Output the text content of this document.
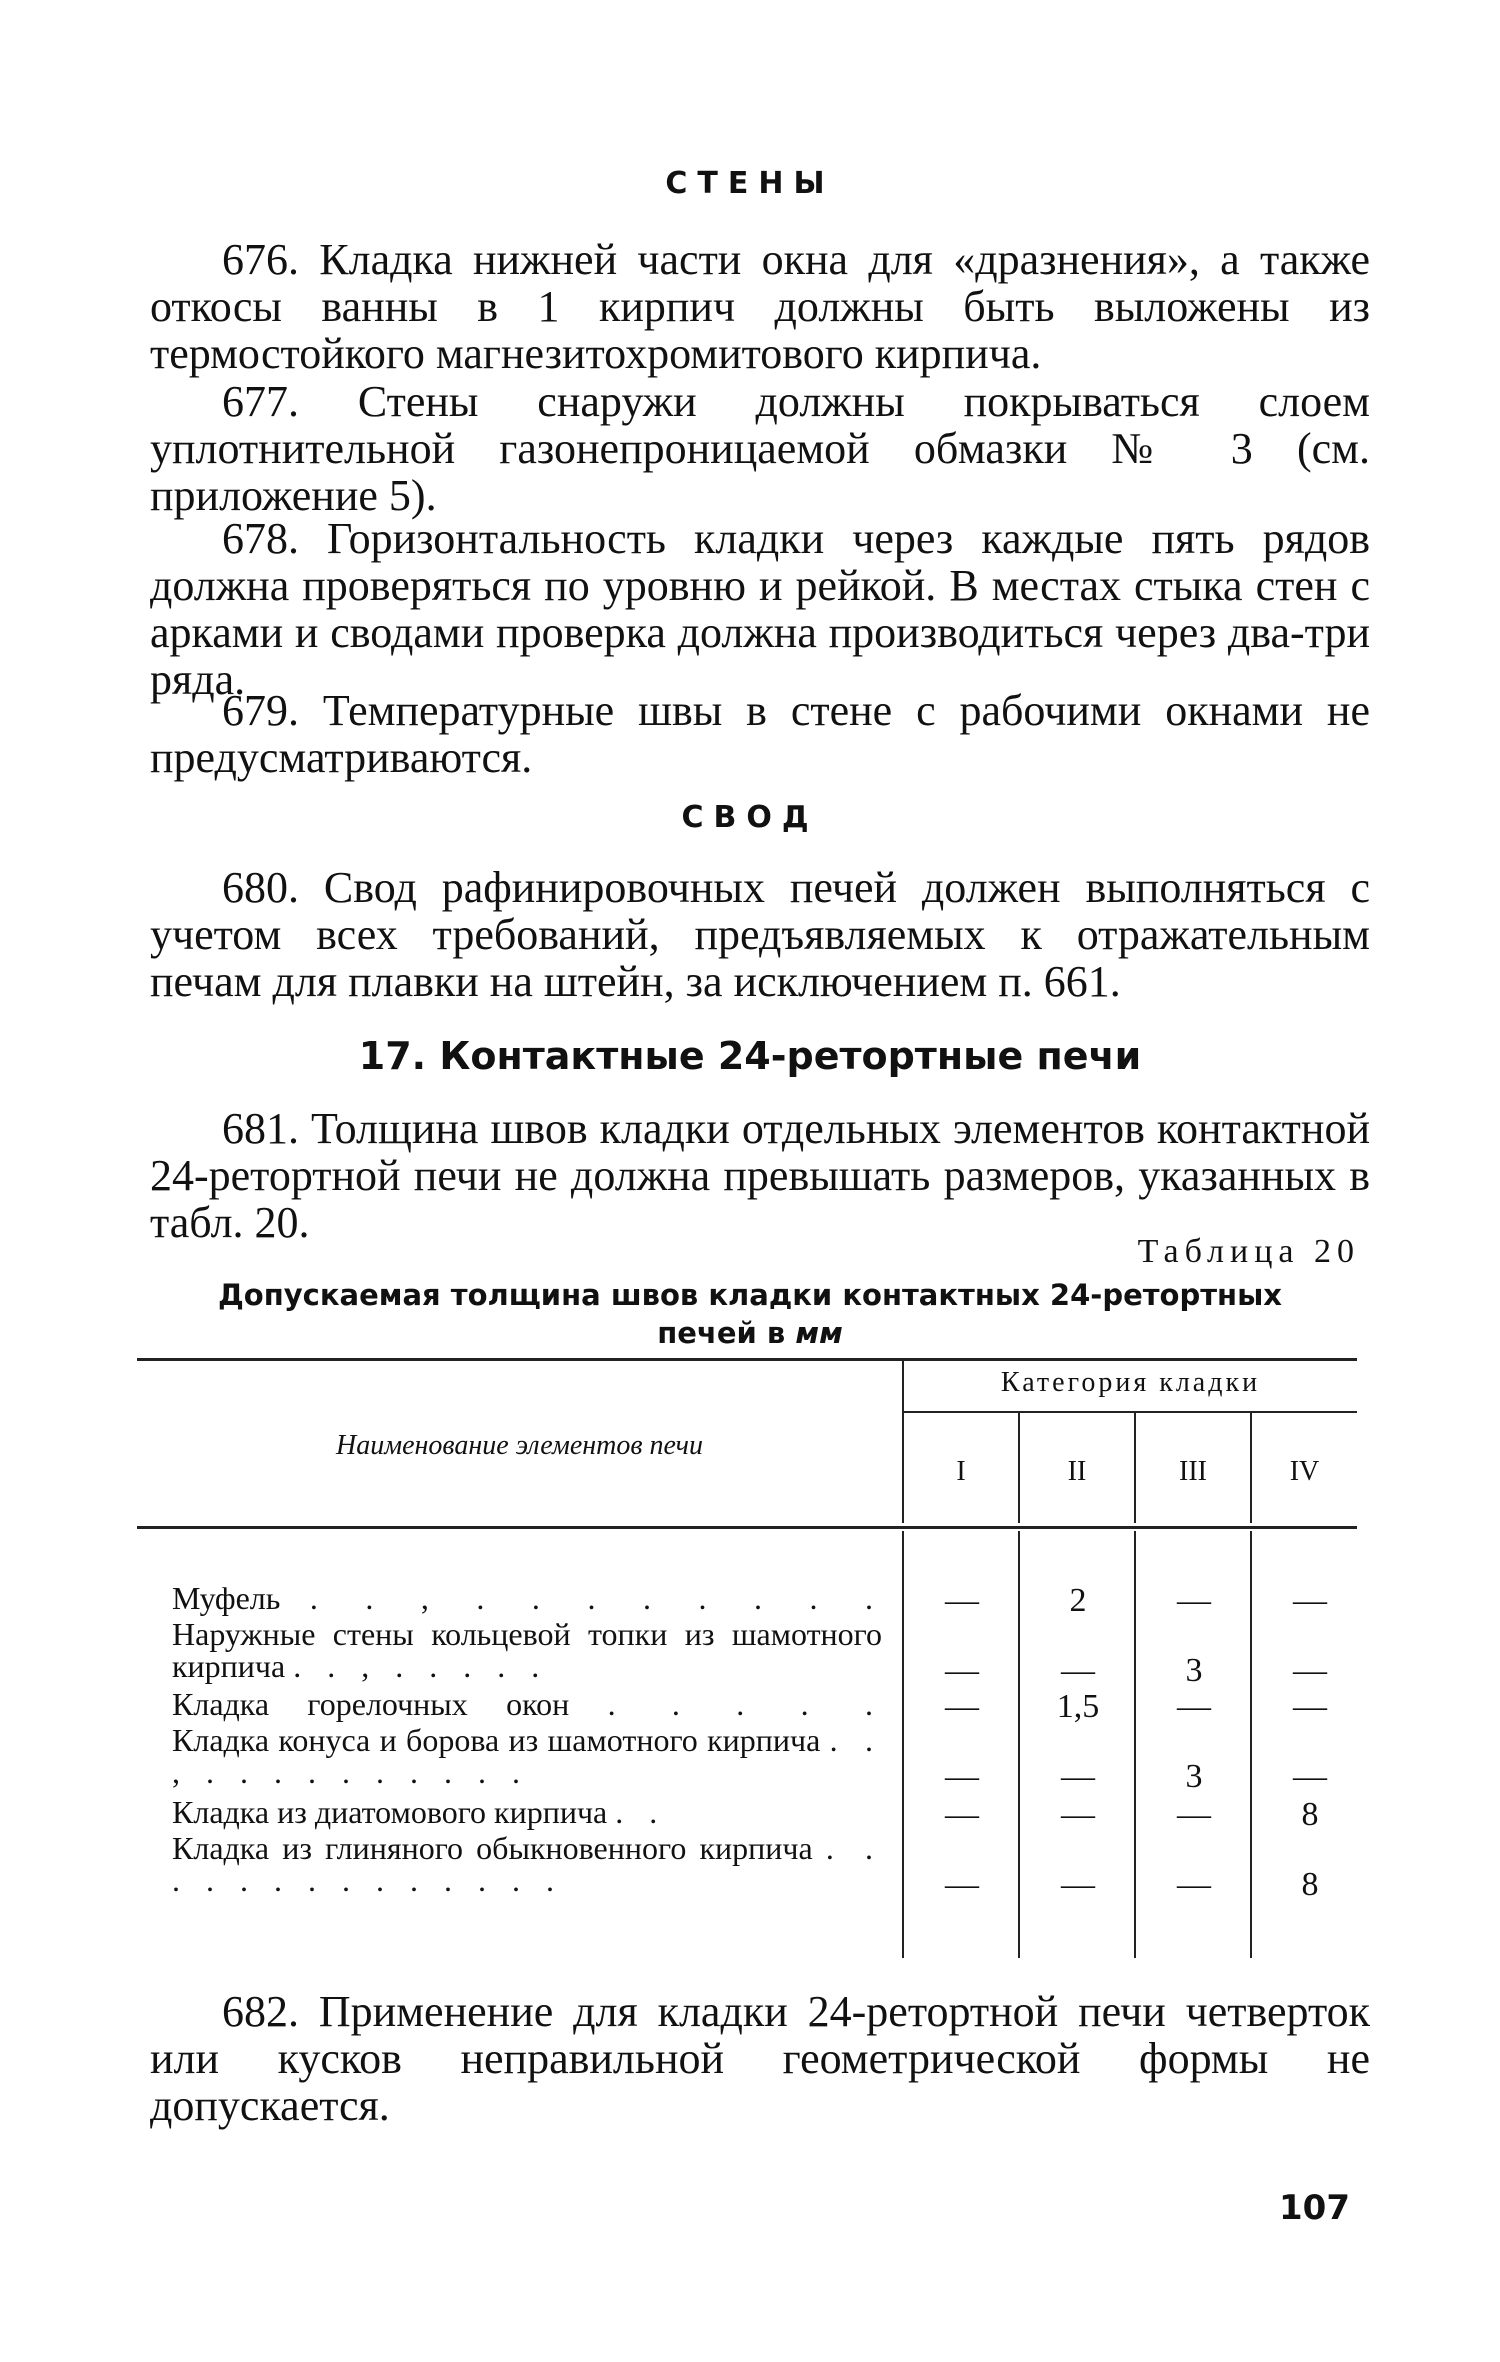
СТЕНЫ

676. Кладка нижней части окна для «дразнения», а также откосы ванны в 1 кирпич должны быть выложены из термостойкого магнезитохромитового кирпича.

677. Стены снаружи должны покрываться слоем уплотнительной газонепроницаемой обмазки № 3 (см. приложение 5).

678. Горизонтальность кладки через каждые пять рядов должна проверяться по уровню и рейкой. В местах стыка стен с арками и сводами проверка должна производиться через два-три ряда.

679. Температурные швы в стене с рабочими окнами не предусматриваются.

СВОД

680. Свод рафинировочных печей должен выполняться с учетом всех требований, предъявляемых к отражательным печам для плавки на штейн, за исключением п. 661.

17. Контактные 24-ретортные печи

681. Толщина швов кладки отдельных элементов контактной 24-ретортной печи не должна превышать размеров, указанных в табл. 20.

Таблица 20
Допускаемая толщина швов кладки контактных 24-ретортных печей в мм
Наименование элементов печи
Категория кладки
I	II	III	IV
Муфель . . , . . . . . . . .	—	2	—	—
Наружные стены кольцевой топки из шамотного кирпича . . , . . . . .	—	—	3	—
Кладка горелочных окон . . . . .	—	1,5	—	—
Кладка конуса и борова из шамотного кирпича . . , . . . . . . . . . .	—	—	3	—
Кладка из диатомового кирпича . .	—	—	—	8
Кладка из глиняного обыкновенного кирпича . . . . . . . . . . . . . .	—	—	—	8

682. Применение для кладки 24-ретортной печи четверток или кусков неправильной геометрической формы не допускается.

107
